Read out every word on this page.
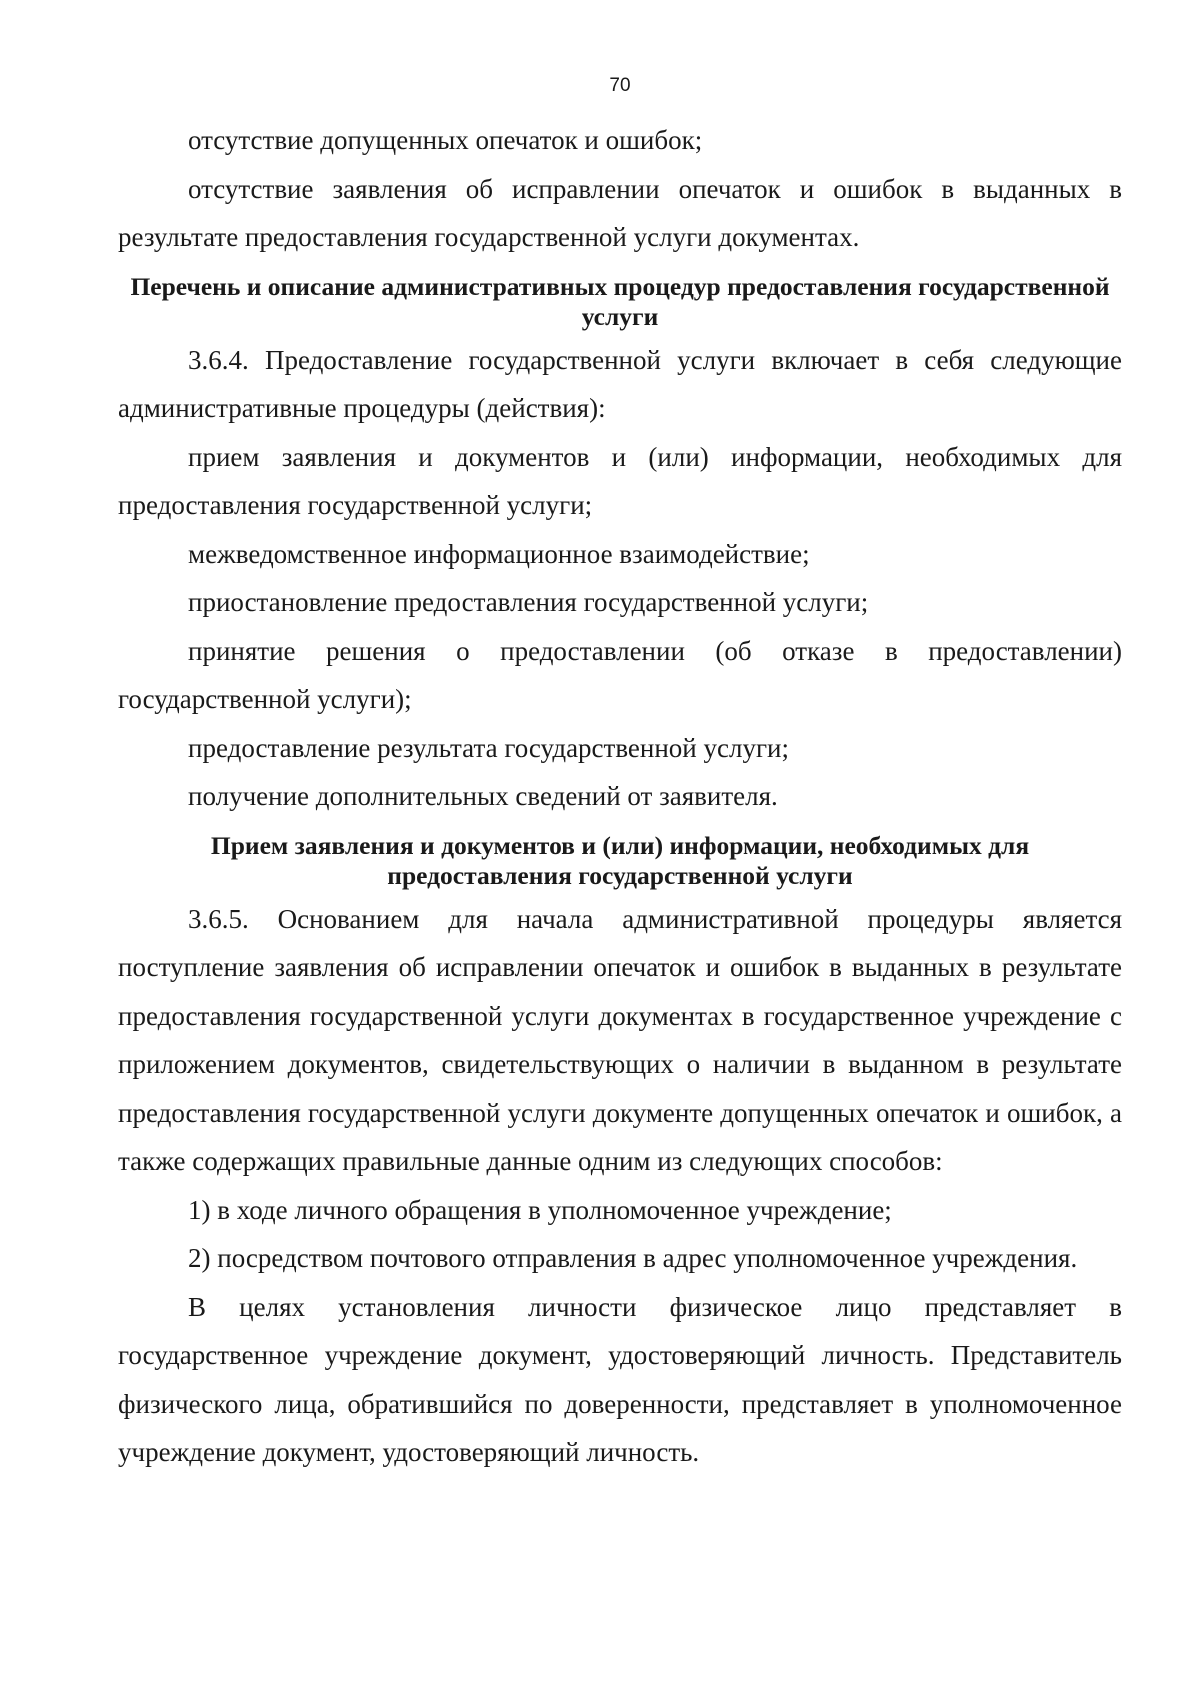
70

отсутствие допущенных опечаток и ошибок;

отсутствие заявления об исправлении опечаток и ошибок в выданных в результате предоставления государственной услуги документах.

Перечень и описание административных процедур предоставления государственной услуги

3.6.4. Предоставление государственной услуги включает в себя следующие административные процедуры (действия):

прием заявления и документов и (или) информации, необходимых для предоставления государственной услуги;

межведомственное информационное взаимодействие;

приостановление предоставления государственной услуги;

принятие решения о предоставлении (об отказе в предоставлении) государственной услуги);

предоставление результата государственной услуги;

получение дополнительных сведений от заявителя.

Прием заявления и документов и (или) информации, необходимых для предоставления государственной услуги

3.6.5. Основанием для начала административной процедуры является поступление заявления об исправлении опечаток и ошибок в выданных в результате предоставления государственной услуги документах в государственное учреждение с приложением документов, свидетельствующих о наличии в выданном в результате предоставления государственной услуги документе допущенных опечаток и ошибок, а также содержащих правильные данные одним из следующих способов:

1) в ходе личного обращения в уполномоченное учреждение;

2) посредством почтового отправления в адрес уполномоченное учреждения.

В целях установления личности физическое лицо представляет в государственное учреждение документ, удостоверяющий личность. Представитель физического лица, обратившийся по доверенности, представляет в уполномоченное учреждение документ, удостоверяющий личность.
